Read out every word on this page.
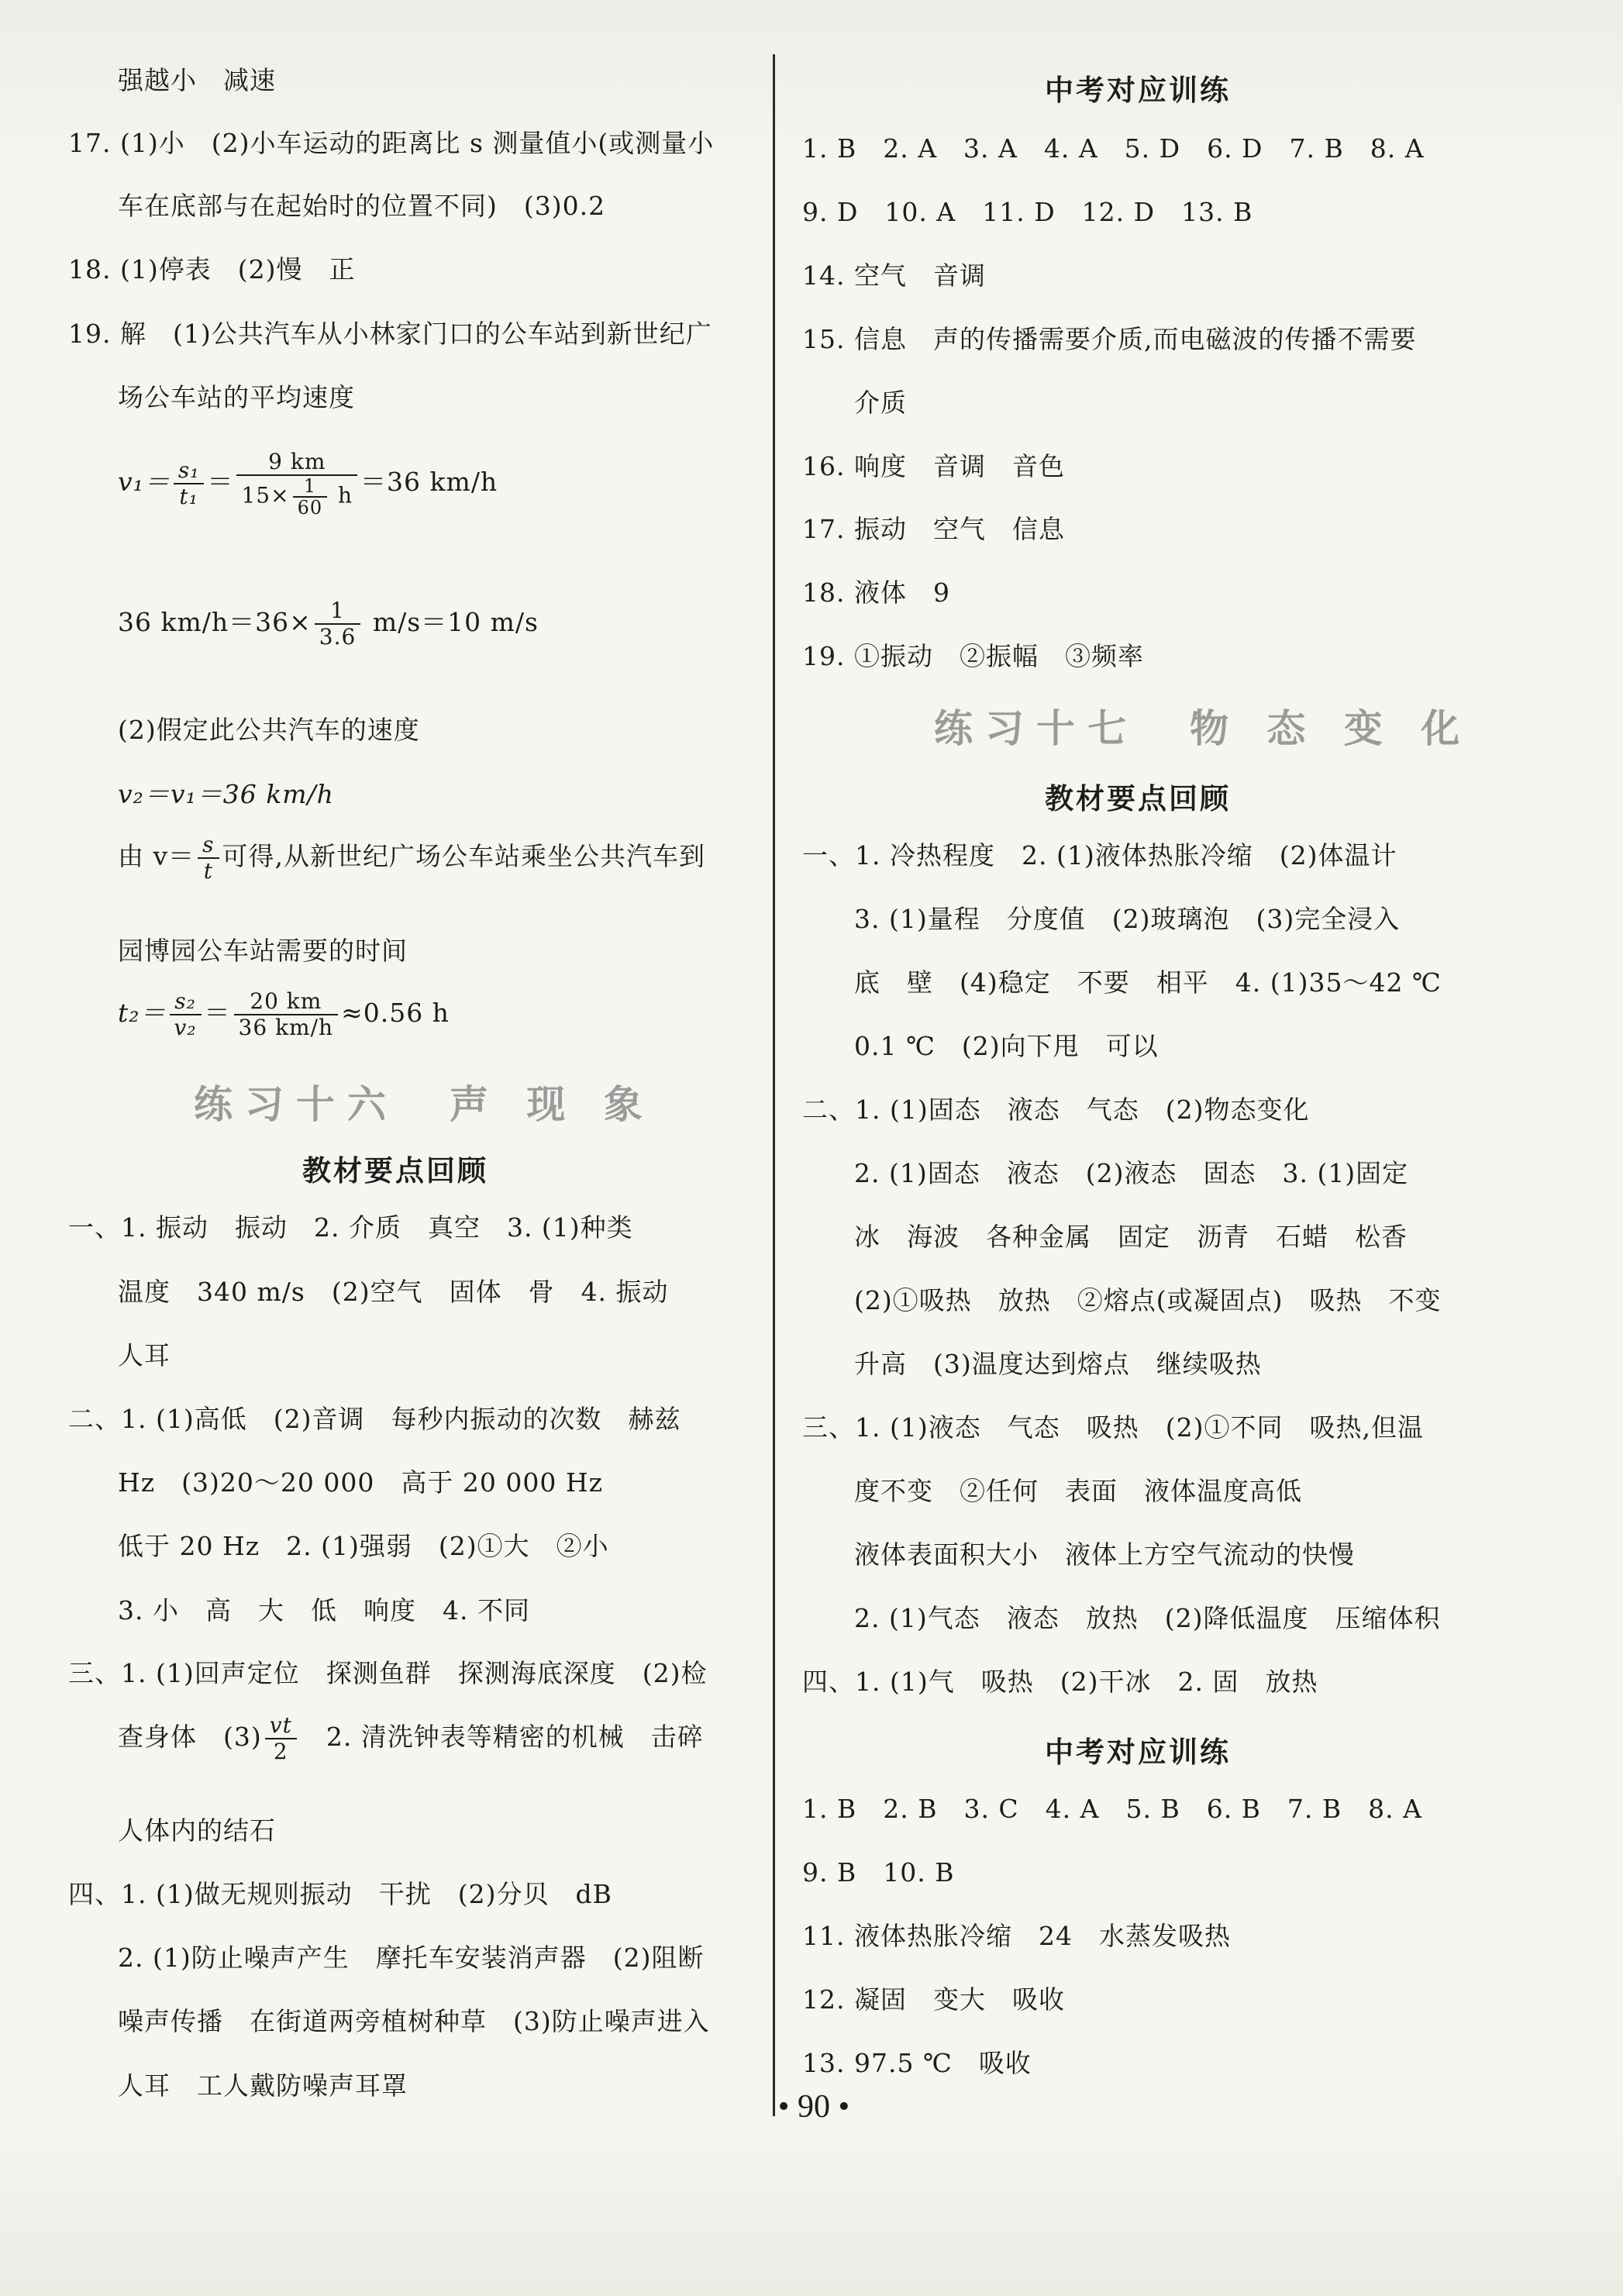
强越小　减速
17. (1)小　(2)小车运动的距离比 s 测量值小(或测量小
车在底部与在起始时的位置不同)　(3)0.2
18. (1)停表　(2)慢　正
19. 解　(1)公共汽车从小林家门口的公车站到新世纪广
场公车站的平均速度
$v_1= \frac{\text{s₁}}{\text{t₁}} = \frac{9 km}{15\times \frac{1}{60} h} =36$ km/h
36 $km/h=36\times \frac{1}{3.6} m/s=10$ m/s
(2)假定此公共汽车的速度
v₂＝v₁＝36 km/h
由 $v= \frac{s}{t}$ 可得,从新世纪广场公车站乘坐公共汽车到
园博园公车站需要的时间
$t_2= \frac{\text{s₂}}{\text{v₂}} = \frac{20 km}{36 km/h} \approx 0.56$ h
练习十六　声 现 象
教材要点回顾
一、1. 振动　振动　2. 介质　真空　3. (1)种类
温度　340 m/s　(2)空气　固体　骨　4. 振动
人耳
二、1. (1)高低　(2)音调　每秒内振动的次数　赫兹
Hz　(3)20～20 000　高于 20 000 Hz
低于 20 Hz　2. (1)强弱　(2)①大　②小
3. 小　高　大　低　响度　4. 不同
三、1. (1)回声定位　探测鱼群　探测海底深度　(2)检
查身体　$(3) \frac{vt}{2}$ 　2. 清洗钟表等精密的机械　击碎
人体内的结石
四、1. (1)做无规则振动　干扰　(2)分贝　dB
2. (1)防止噪声产生　摩托车安装消声器　(2)阻断
噪声传播　在街道两旁植树种草　(3)防止噪声进入
人耳　工人戴防噪声耳罩
中考对应训练
1. B　2. A　3. A　4. A　5. D　6. D　7. B　8. A
9. D　10. A　11. D　12. D　13. B
14. 空气　音调
15. 信息　声的传播需要介质,而电磁波的传播不需要
介质
16. 响度　音调　音色
17. 振动　空气　信息
18. 液体　9
19. ①振动　②振幅　③频率
练习十七　物 态 变 化
教材要点回顾
一、1. 冷热程度　2. (1)液体热胀冷缩　(2)体温计
3. (1)量程　分度值　(2)玻璃泡　(3)完全浸入
底　壁　(4)稳定　不要　相平　4. (1)35～42 ℃
0.1 ℃　(2)向下甩　可以
二、1. (1)固态　液态　气态　(2)物态变化
2. (1)固态　液态　(2)液态　固态　3. (1)固定
冰　海波　各种金属　固定　沥青　石蜡　松香
(2)①吸热　放热　②熔点(或凝固点)　吸热　不变
升高　(3)温度达到熔点　继续吸热
三、1. (1)液态　气态　吸热　(2)①不同　吸热,但温
度不变　②任何　表面　液体温度高低
液体表面积大小　液体上方空气流动的快慢
2. (1)气态　液态　放热　(2)降低温度　压缩体积
四、1. (1)气　吸热　(2)干冰　2. 固　放热
中考对应训练
1. B　2. B　3. C　4. A　5. B　6. B　7. B　8. A
9. B　10. B
11. 液体热胀冷缩　24　水蒸发吸热
12. 凝固　变大　吸收
13. 97.5 ℃　吸收
• 90 •
